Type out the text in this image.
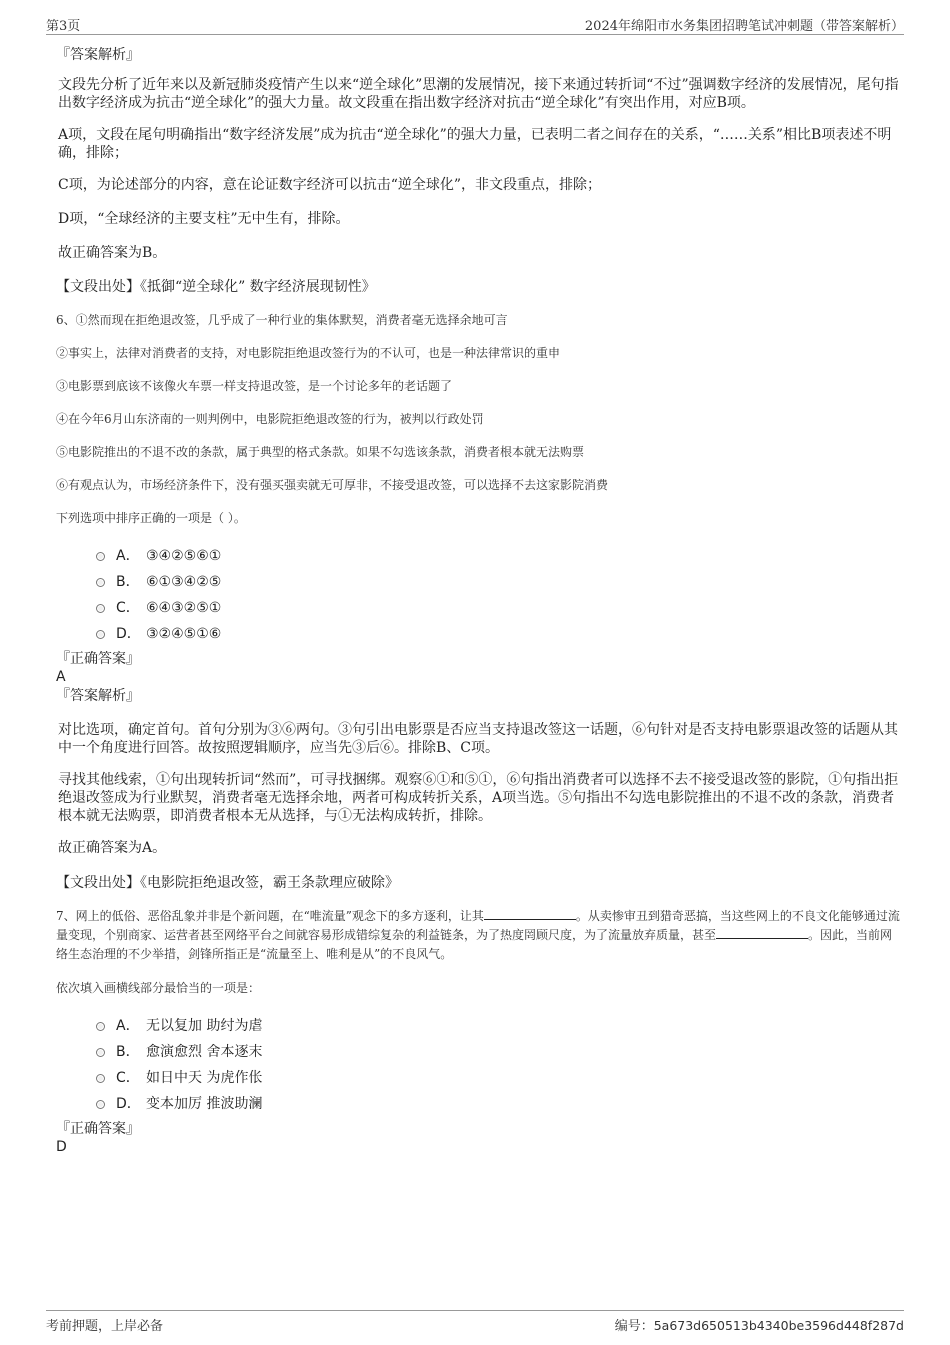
第3页	2024年绵阳市水务集团招聘笔试冲刺题（带答案解析）

『答案解析』

文段先分析了近年来以及新冠肺炎疫情产生以来“逆全球化”思潮的发展情况，接下来通过转折词“不过”强调数字经济的发展情况，尾句指出数字经济成为抗击“逆全球化”的强大力量。故文段重在指出数字经济对抗击“逆全球化”有突出作用，对应B项。

A项，文段在尾句明确指出“数字经济发展”成为抗击“逆全球化”的强大力量，已表明二者之间存在的关系，“……关系”相比B项表述不明确，排除；

C项，为论述部分的内容，意在论证数字经济可以抗击“逆全球化”，非文段重点，排除；

D项，“全球经济的主要支柱”无中生有，排除。

故正确答案为B。

【文段出处】《抵御“逆全球化” 数字经济展现韧性》

6、①然而现在拒绝退改签，几乎成了一种行业的集体默契，消费者毫无选择余地可言

②事实上，法律对消费者的支持，对电影院拒绝退改签行为的不认可，也是一种法律常识的重申

③电影票到底该不该像火车票一样支持退改签，是一个讨论多年的老话题了

④在今年6月山东济南的一则判例中，电影院拒绝退改签的行为，被判以行政处罚

⑤电影院推出的不退不改的条款，属于典型的格式条款。如果不勾选该条款，消费者根本就无法购票

⑥有观点认为，市场经济条件下，没有强买强卖就无可厚非，不接受退改签，可以选择不去这家影院消费

下列选项中排序正确的一项是（ ）。

A． ③④②⑤⑥①
B． ⑥①③④②⑤
C． ⑥④③②⑤①
D． ③②④⑤①⑥

『正确答案』

A

『答案解析』

对比选项，确定首句。首句分别为③⑥两句。③句引出电影票是否应当支持退改签这一话题，⑥句针对是否支持电影票退改签的话题从其中一个角度进行回答。故按照逻辑顺序，应当先③后⑥。排除B、C项。

寻找其他线索，①句出现转折词“然而”，可寻找捆绑。观察⑥①和⑤①，⑥句指出消费者可以选择不去不接受退改签的影院，①句指出拒绝退改签成为行业默契，消费者毫无选择余地，两者可构成转折关系，A项当选。⑤句指出不勾选电影院推出的不退不改的条款，消费者根本就无法购票，即消费者根本无从选择，与①无法构成转折，排除。

故正确答案为A。

【文段出处】《电影院拒绝退改签，霸王条款理应破除》

7、网上的低俗、恶俗乱象并非是个新问题，在“唯流量”观念下的多方逐利，让其	。从卖惨审丑到猎奇恶搞，当这些网上的不良文化能够通过流量变现，个别商家、运营者甚至网络平台之间就容易形成错综复杂的利益链条，为了热度罔顾尺度，为了流量放弃质量，甚至	。因此，当前网络生态治理的不少举措，剑锋所指正是“流量至上、唯利是从”的不良风气。

依次填入画横线部分最恰当的一项是：

A． 无以复加 助纣为虐
B． 愈演愈烈 舍本逐末
C． 如日中天 为虎作伥
D． 变本加厉 推波助澜

『正确答案』

D

考前押题，上岸必备	编号：5a673d650513b4340be3596d448f287d
